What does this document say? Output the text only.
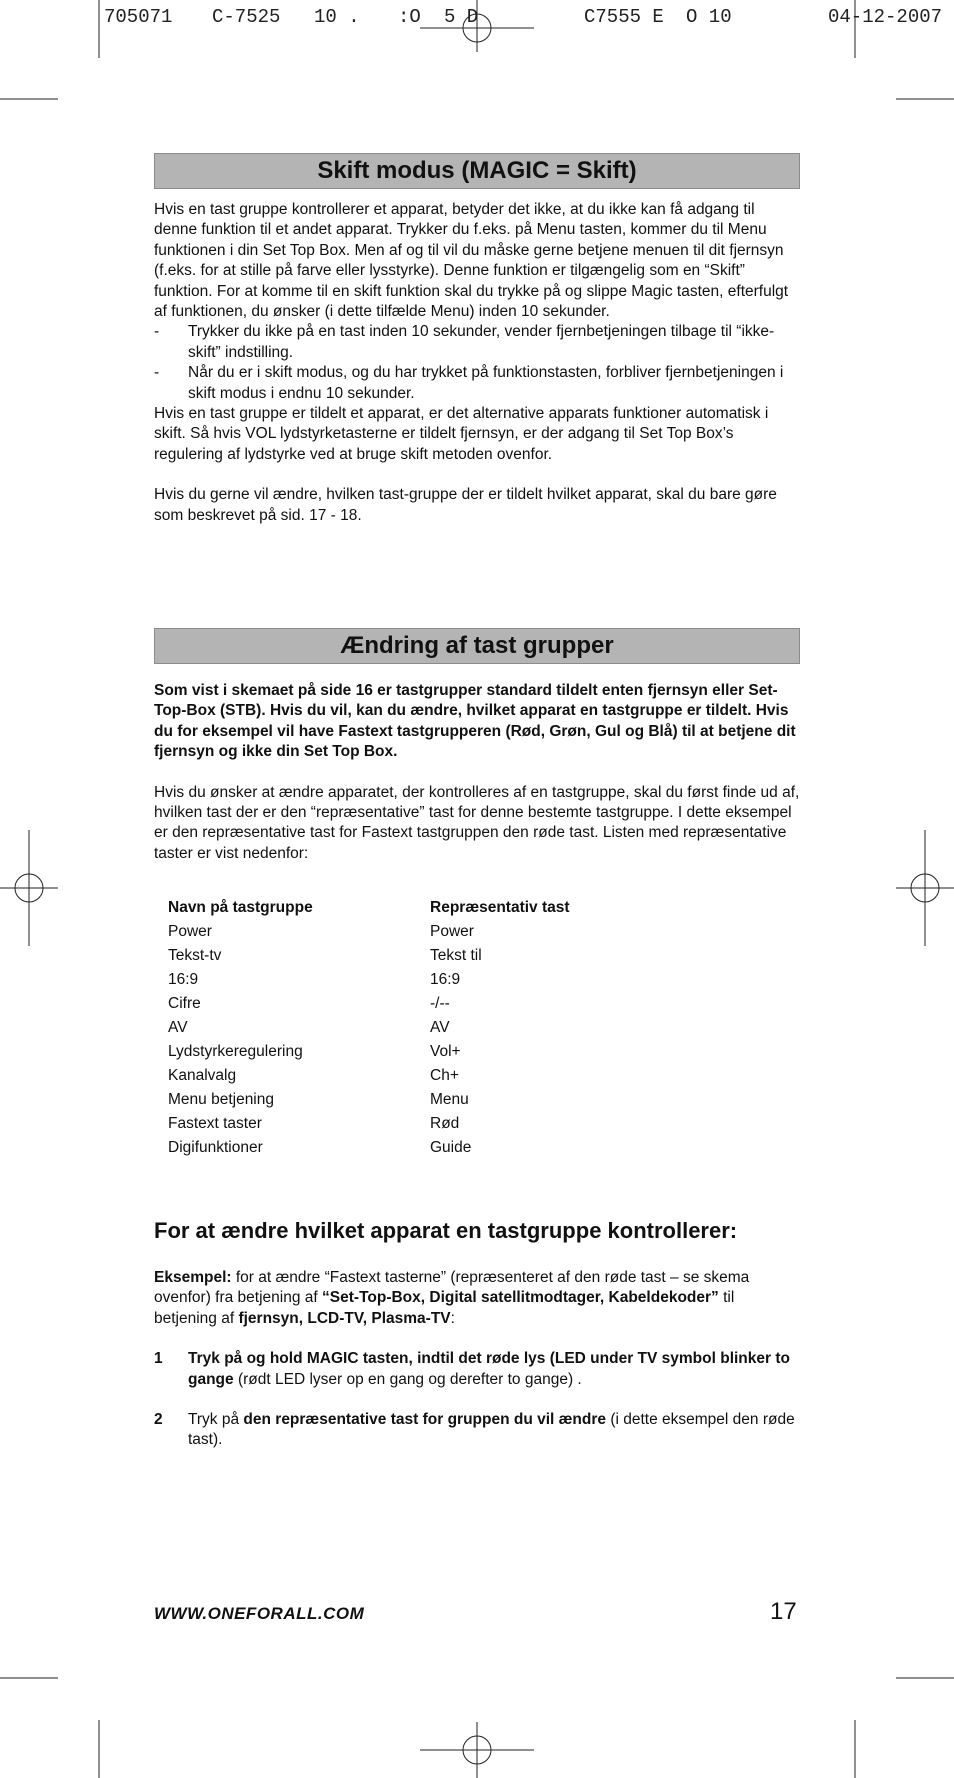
705071

C-7525

10 .

:O

5 D

	C7555 E

O 10

	04-12-2007

Skift modus (MAGIC = Skift)

Hvis en tast gruppe kontrollerer et apparat, betyder det ikke, at du ikke kan få adgang til denne funktion til et andet apparat. Trykker du f.eks. på Menu tasten, kommer du til Menu funktionen i din Set Top Box. Men af og til vil du måske gerne betjene menuen til dit fjernsyn (f.eks. for at stille på farve eller lysstyrke). Denne funktion er tilgængelig som en “Skift” funktion. For at komme til en skift funktion skal du trykke på og slippe Magic tasten, efterfulgt af funktionen, du ønsker (i dette tilfælde Menu) inden 10 sekunder.

-	Trykker du ikke på en tast inden 10 sekunder, vender fjernbetjeningen tilbage til “ikke-skift” indstilling.
-	Når du er i skift modus, og du har trykket på funktionstasten, forbliver fjernbetjeningen i skift modus i endnu 10 sekunder.

Hvis en tast gruppe er tildelt et apparat, er det alternative apparats funktioner automatisk i skift. Så hvis VOL lydstyrketasterne er tildelt fjernsyn, er der adgang til Set Top Box’s regulering af lydstyrke ved at bruge skift metoden ovenfor.

Hvis du gerne vil ændre, hvilken tast-gruppe der er tildelt hvilket apparat, skal du bare gøre som beskrevet på sid. 17 - 18.

Ændring af tast grupper

Som vist i skemaet på side 16 er tastgrupper standard tildelt enten fjernsyn eller Set-Top-Box (STB). Hvis du vil, kan du ændre, hvilket apparat en tastgruppe er tildelt. Hvis du for eksempel vil have Fastext tastgrupperen (Rød, Grøn, Gul og Blå) til at betjene dit fjernsyn og ikke din Set Top Box.

Hvis du ønsker at ændre apparatet, der kontrolleres af en tastgruppe, skal du først finde ud af, hvilken tast der er den “repræsentative” tast for denne bestemte tastgruppe. I dette eksempel er den repræsentative tast for Fastext tastgruppen den røde tast. Listen med repræsentative taster er vist nedenfor:

Navn på tastgruppe	Repræsentativ tast
Power	Power
Tekst-tv	Tekst til
16:9	16:9
Cifre	-/--
AV	AV
Lydstyrkeregulering	Vol+
Kanalvalg	Ch+
Menu betjening	Menu
Fastext taster	Rød
Digifunktioner	Guide
For at ændre hvilket apparat en tastgruppe kontrollerer:

Eksempel: for at ændre “Fastext tasterne” (repræsenteret af den røde tast – se skema ovenfor) fra betjening af “Set-Top-Box, Digital satellitmodtager, Kabeldekoder” til betjening af fjernsyn, LCD-TV, Plasma-TV:

1	Tryk på og hold MAGIC tasten, indtil det røde lys (LED under TV symbol blinker to gange (rødt LED lyser op en gang og derefter to gange) .
2	Tryk på den repræsentative tast for gruppen du vil ændre (i dette eksempel den røde tast).
WWW.ONEFORALL.COM	17
